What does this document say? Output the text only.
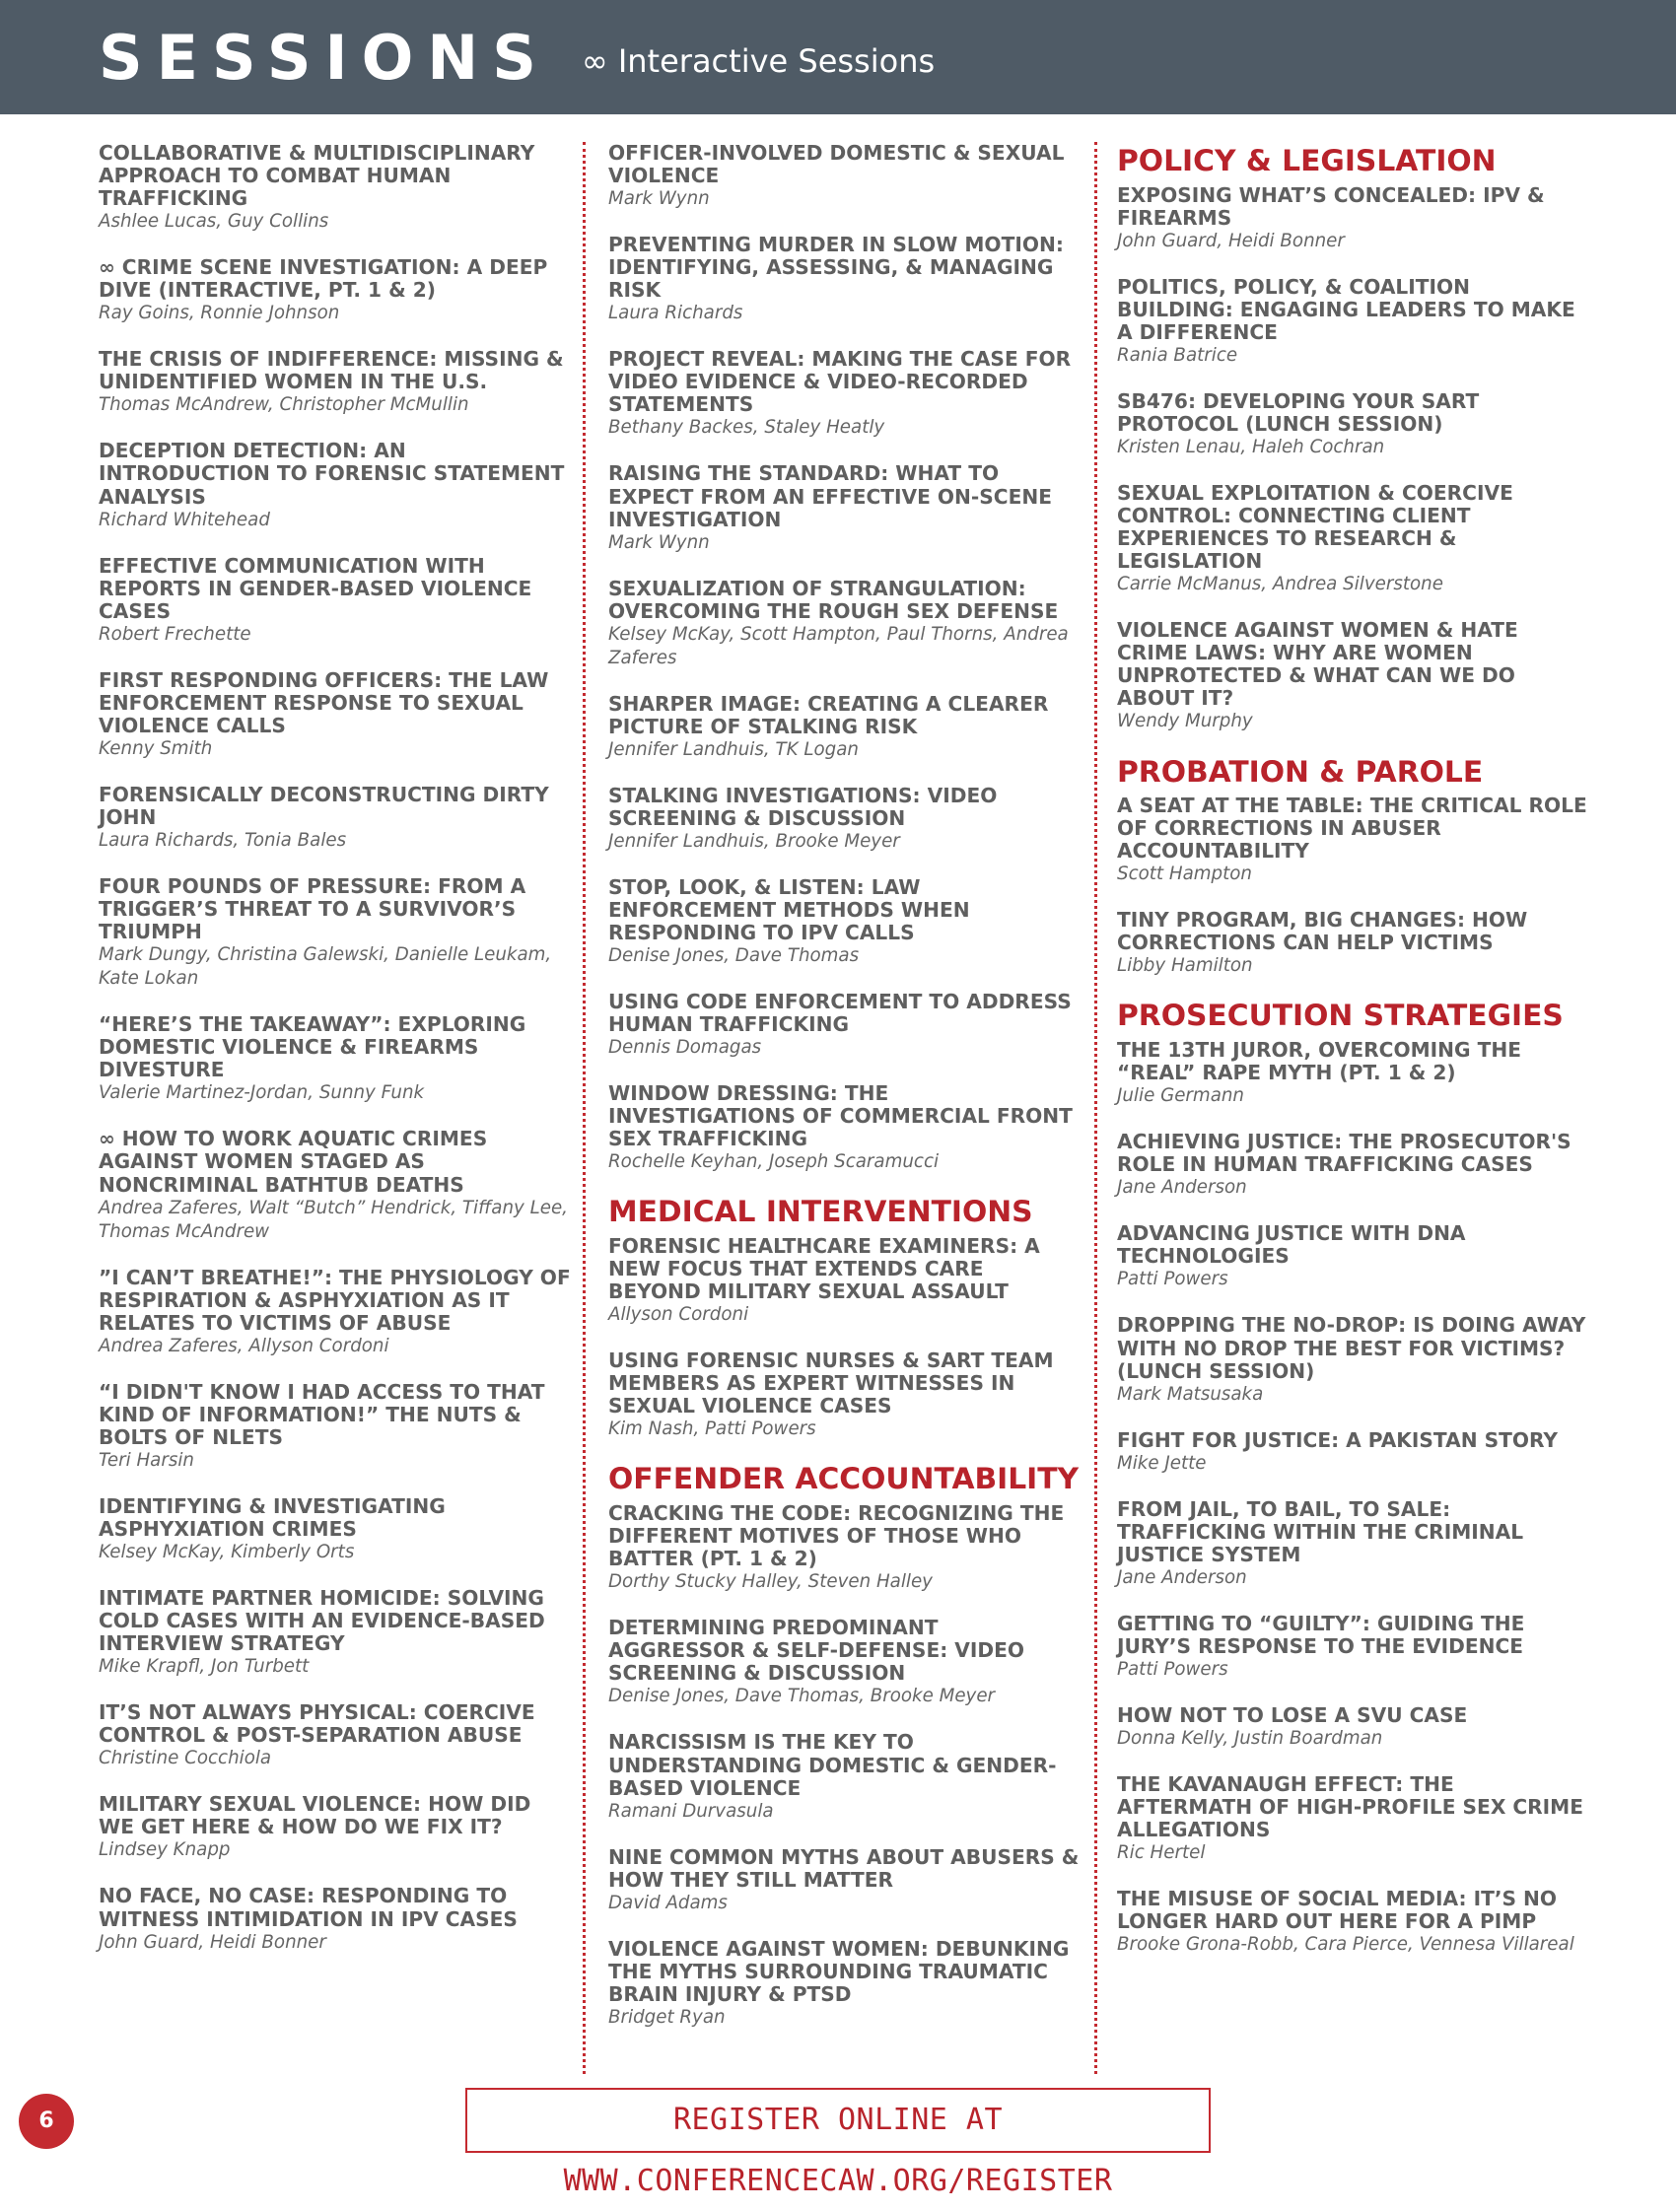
SESSIONS ∞ Interactive Sessions
COLLABORATIVE & MULTIDISCIPLINARY APPROACH TO COMBAT HUMAN TRAFFICKING
Ashlee Lucas, Guy Collins
∞ CRIME SCENE INVESTIGATION: A DEEP DIVE (INTERACTIVE, PT. 1 & 2)
Ray Goins, Ronnie Johnson
THE CRISIS OF INDIFFERENCE: MISSING & UNIDENTIFIED WOMEN IN THE U.S.
Thomas McAndrew, Christopher McMullin
DECEPTION DETECTION: AN INTRODUCTION TO FORENSIC STATEMENT ANALYSIS
Richard Whitehead
EFFECTIVE COMMUNICATION WITH REPORTS IN GENDER-BASED VIOLENCE CASES
Robert Frechette
FIRST RESPONDING OFFICERS: THE LAW ENFORCEMENT RESPONSE TO SEXUAL VIOLENCE CALLS
Kenny Smith
FORENSICALLY DECONSTRUCTING DIRTY JOHN
Laura Richards, Tonia Bales
FOUR POUNDS OF PRESSURE: FROM A TRIGGER’S THREAT TO A SURVIVOR’S TRIUMPH
Mark Dungy, Christina Galewski, Danielle Leukam, Kate Lokan
“HERE’S THE TAKEAWAY”: EXPLORING DOMESTIC VIOLENCE & FIREARMS DIVESTURE
Valerie Martinez-Jordan, Sunny Funk
∞ HOW TO WORK AQUATIC CRIMES AGAINST WOMEN STAGED AS NONCRIMINAL BATHTUB DEATHS
Andrea Zaferes, Walt “Butch” Hendrick, Tiffany Lee, Thomas McAndrew
”I CAN’T BREATHE!”: THE PHYSIOLOGY OF RESPIRATION & ASPHYXIATION AS IT RELATES TO VICTIMS OF ABUSE
Andrea Zaferes, Allyson Cordoni
“I DIDN'T KNOW I HAD ACCESS TO THAT KIND OF INFORMATION!” THE NUTS & BOLTS OF NLETS
Teri Harsin
IDENTIFYING & INVESTIGATING ASPHYXIATION CRIMES
Kelsey McKay, Kimberly Orts
INTIMATE PARTNER HOMICIDE: SOLVING COLD CASES WITH AN EVIDENCE-BASED INTERVIEW STRATEGY
Mike Krapfl, Jon Turbett
IT’S NOT ALWAYS PHYSICAL: COERCIVE CONTROL & POST-SEPARATION ABUSE
Christine Cocchiola
MILITARY SEXUAL VIOLENCE: HOW DID WE GET HERE & HOW DO WE FIX IT?
Lindsey Knapp
NO FACE, NO CASE: RESPONDING TO WITNESS INTIMIDATION IN IPV CASES
John Guard, Heidi Bonner
OFFICER-INVOLVED DOMESTIC & SEXUAL VIOLENCE
Mark Wynn
PREVENTING MURDER IN SLOW MOTION: IDENTIFYING, ASSESSING, & MANAGING RISK
Laura Richards
PROJECT REVEAL: MAKING THE CASE FOR VIDEO EVIDENCE & VIDEO-RECORDED STATEMENTS
Bethany Backes, Staley Heatly
RAISING THE STANDARD: WHAT TO EXPECT FROM AN EFFECTIVE ON-SCENE INVESTIGATION
Mark Wynn
SEXUALIZATION OF STRANGULATION: OVERCOMING THE ROUGH SEX DEFENSE
Kelsey McKay, Scott Hampton, Paul Thorns, Andrea Zaferes
SHARPER IMAGE: CREATING A CLEARER PICTURE OF STALKING RISK
Jennifer Landhuis, TK Logan
STALKING INVESTIGATIONS: VIDEO SCREENING & DISCUSSION
Jennifer Landhuis, Brooke Meyer
STOP, LOOK, & LISTEN: LAW ENFORCEMENT METHODS WHEN RESPONDING TO IPV CALLS
Denise Jones, Dave Thomas
USING CODE ENFORCEMENT TO ADDRESS HUMAN TRAFFICKING
Dennis Domagas
WINDOW DRESSING: THE INVESTIGATIONS OF COMMERCIAL FRONT SEX TRAFFICKING
Rochelle Keyhan, Joseph Scaramucci
MEDICAL INTERVENTIONS
FORENSIC HEALTHCARE EXAMINERS: A NEW FOCUS THAT EXTENDS CARE BEYOND MILITARY SEXUAL ASSAULT
Allyson Cordoni
USING FORENSIC NURSES & SART TEAM MEMBERS AS EXPERT WITNESSES IN SEXUAL VIOLENCE CASES
Kim Nash, Patti Powers
OFFENDER ACCOUNTABILITY
CRACKING THE CODE: RECOGNIZING THE DIFFERENT MOTIVES OF THOSE WHO BATTER (PT. 1 & 2)
Dorthy Stucky Halley, Steven Halley
DETERMINING PREDOMINANT AGGRESSOR & SELF-DEFENSE: VIDEO SCREENING & DISCUSSION
Denise Jones, Dave Thomas, Brooke Meyer
NARCISSISM IS THE KEY TO UNDERSTANDING DOMESTIC & GENDER-BASED VIOLENCE
Ramani Durvasula
NINE COMMON MYTHS ABOUT ABUSERS & HOW THEY STILL MATTER
David Adams
VIOLENCE AGAINST WOMEN: DEBUNKING THE MYTHS SURROUNDING TRAUMATIC BRAIN INJURY & PTSD
Bridget Ryan
POLICY & LEGISLATION
EXPOSING WHAT’S CONCEALED: IPV & FIREARMS
John Guard, Heidi Bonner
POLITICS, POLICY, & COALITION BUILDING: ENGAGING LEADERS TO MAKE A DIFFERENCE
Rania Batrice
SB476: DEVELOPING YOUR SART PROTOCOL (LUNCH SESSION)
Kristen Lenau, Haleh Cochran
SEXUAL EXPLOITATION & COERCIVE CONTROL: CONNECTING CLIENT EXPERIENCES TO RESEARCH & LEGISLATION
Carrie McManus, Andrea Silverstone
VIOLENCE AGAINST WOMEN & HATE CRIME LAWS: WHY ARE WOMEN UNPROTECTED & WHAT CAN WE DO ABOUT IT?
Wendy Murphy
PROBATION & PAROLE
A SEAT AT THE TABLE: THE CRITICAL ROLE OF CORRECTIONS IN ABUSER ACCOUNTABILITY
Scott Hampton
TINY PROGRAM, BIG CHANGES: HOW CORRECTIONS CAN HELP VICTIMS
Libby Hamilton
PROSECUTION STRATEGIES
THE 13TH JUROR, OVERCOMING THE “REAL” RAPE MYTH (PT. 1 & 2)
Julie Germann
ACHIEVING JUSTICE: THE PROSECUTOR'S ROLE IN HUMAN TRAFFICKING CASES
Jane Anderson
ADVANCING JUSTICE WITH DNA TECHNOLOGIES
Patti Powers
DROPPING THE NO-DROP: IS DOING AWAY WITH NO DROP THE BEST FOR VICTIMS? (LUNCH SESSION)
Mark Matsusaka
FIGHT FOR JUSTICE: A PAKISTAN STORY
Mike Jette
FROM JAIL, TO BAIL, TO SALE: TRAFFICKING WITHIN THE CRIMINAL JUSTICE SYSTEM
Jane Anderson
GETTING TO “GUILTY”: GUIDING THE JURY’S RESPONSE TO THE EVIDENCE
Patti Powers
HOW NOT TO LOSE A SVU CASE
Donna Kelly, Justin Boardman
THE KAVANAUGH EFFECT: THE AFTERMATH OF HIGH-PROFILE SEX CRIME ALLEGATIONS
Ric Hertel
THE MISUSE OF SOCIAL MEDIA: IT’S NO LONGER HARD OUT HERE FOR A PIMP
Brooke Grona-Robb, Cara Pierce, Vennesa Villareal
6	REGISTER ONLINE AT WWW.CONFERENCECAW.ORG/REGISTER
